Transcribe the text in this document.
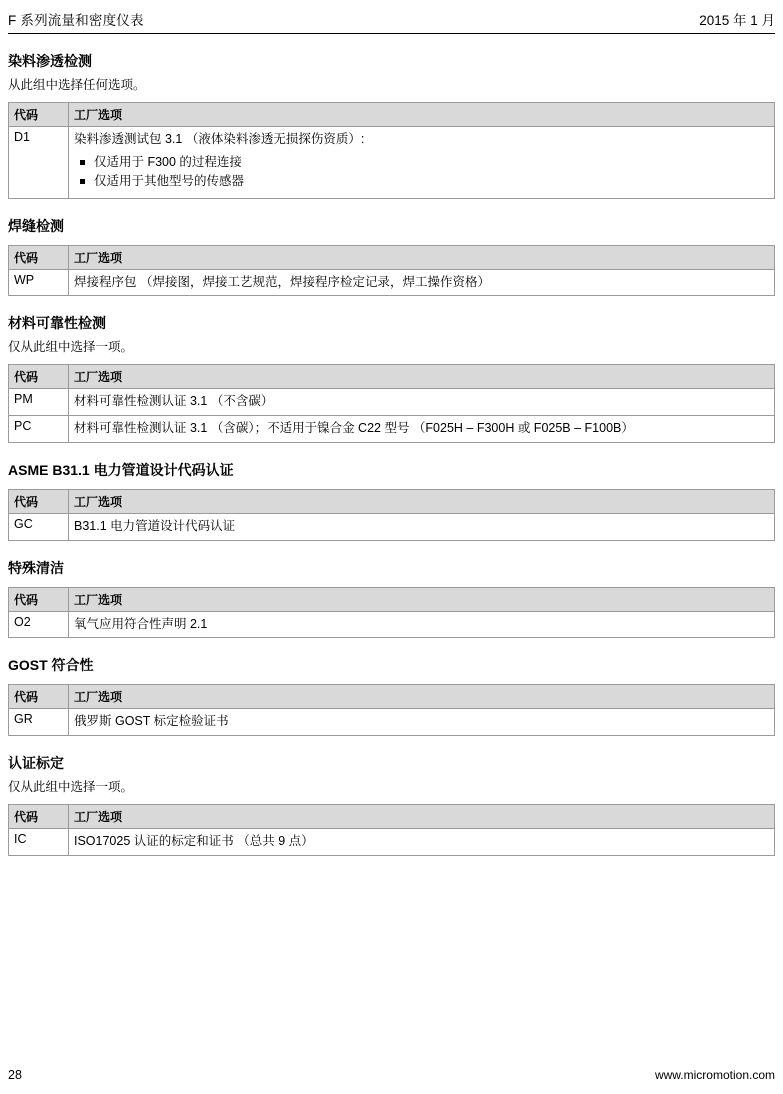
F 系列流量和密度仪表	2015 年 1 月
染料渗透检测
从此组中选择任何选项。
代码	工厂选项
D1	染料渗透测试包 3.1 （液体染料渗透无损探伤资质）:
仅适用于 F300 的过程连接
仅适用于其他型号的传感器
焊缝检测
代码	工厂选项
WP	焊接程序包 （焊接图，焊接工艺规范，焊接程序检定记录，焊工操作资格）
材料可靠性检测
仅从此组中选择一项。
代码	工厂选项
PM	材料可靠性检测认证 3.1 （不含碳）

PC	材料可靠性检测认证 3.1 （含碳）；不适用于镍合金 C22 型号 （F025H – F300H 或 F025B – F100B）
ASME B31.1 电力管道设计代码认证
代码	工厂选项
GC	B31.1 电力管道设计代码认证
特殊清洁
代码	工厂选项
O2	氧气应用符合性声明 2.1
GOST 符合性
代码	工厂选项
GR	俄罗斯 GOST 标定检验证书
认证标定
仅从此组中选择一项。
代码	工厂选项
IC	ISO17025 认证的标定和证书 （总共 9 点）
28	www.micromotion.com
